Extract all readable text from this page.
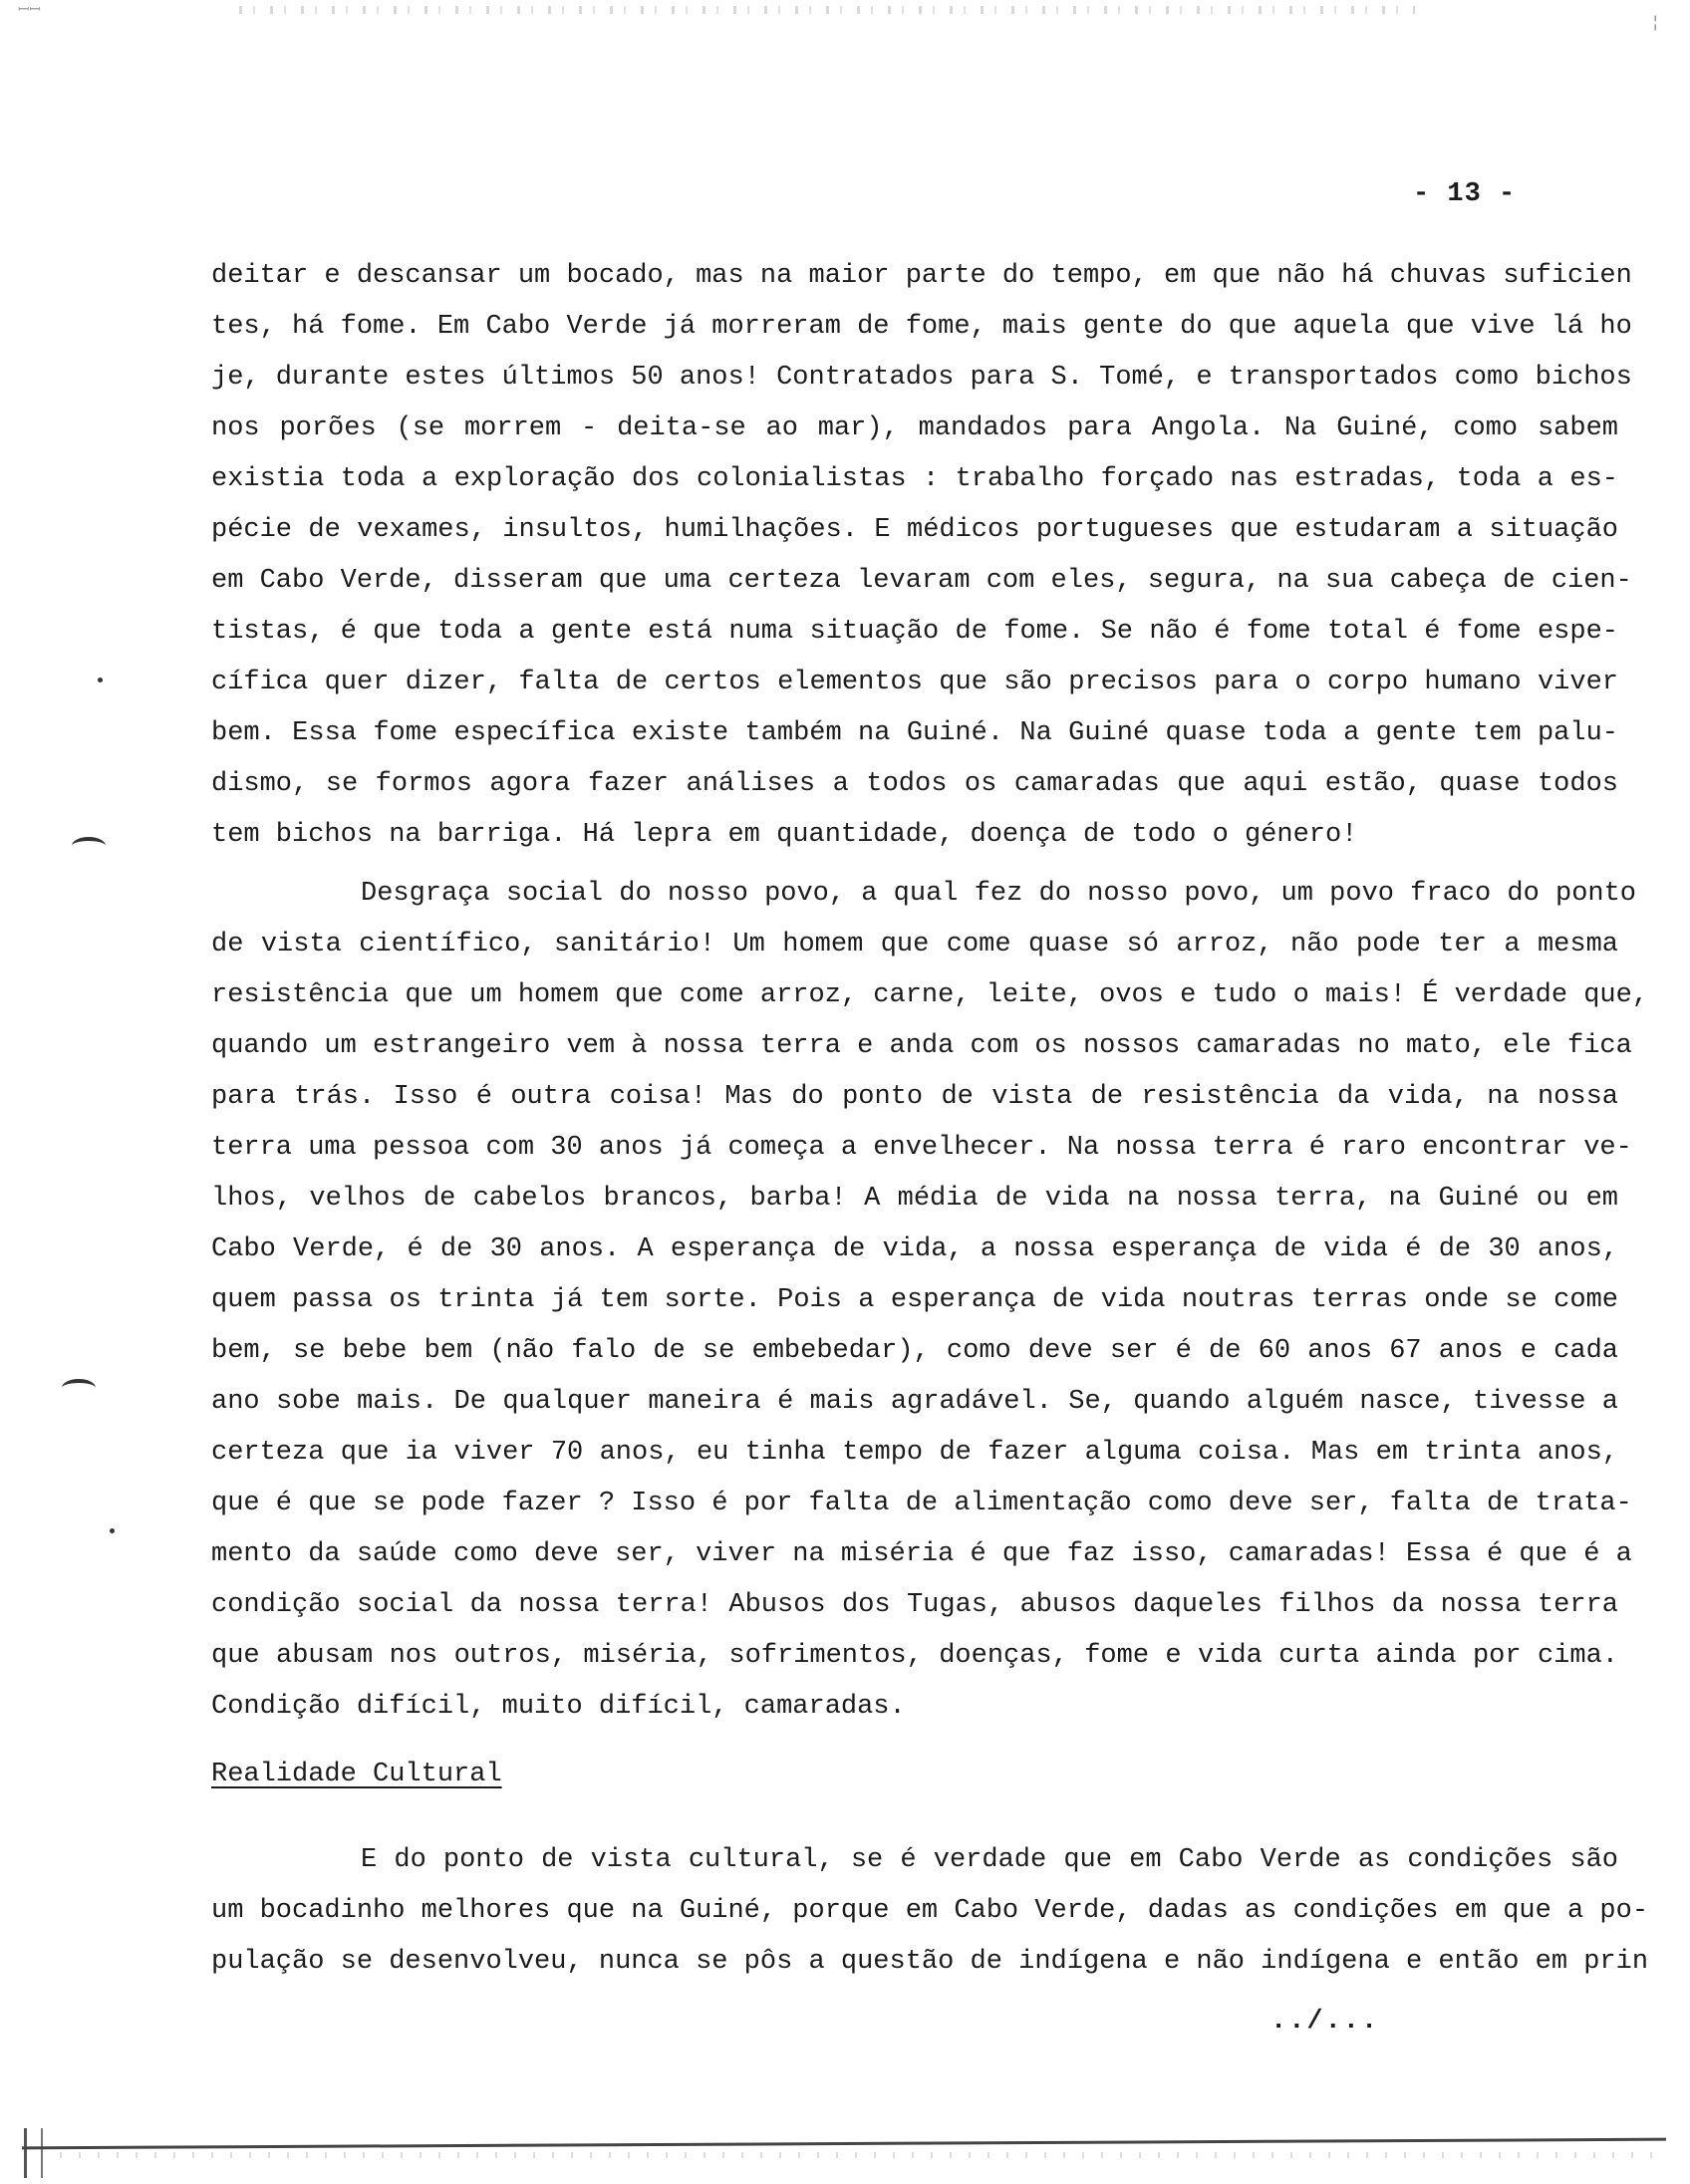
ꟷꟷ
¦
- 13 -
deitar e descansar um bocado, mas na maior parte do tempo, em que não há chuvas suficien
tes, há fome. Em Cabo Verde já morreram de fome, mais gente do que aquela que vive lá ho
je, durante estes últimos 50 anos! Contratados para S. Tomé, e transportados como bichos
nos porões (se morrem - deita-se ao mar), mandados para Angola. Na Guiné, como sabem
existia toda a exploração dos colonialistas : trabalho forçado nas estradas, toda a es-
pécie de vexames, insultos, humilhações. E médicos portugueses que estudaram a situação
em Cabo Verde, disseram que uma certeza levaram com eles, segura, na sua cabeça de cien-
tistas, é que toda a gente está numa situação de fome. Se não é fome total é fome espe-
cífica quer dizer, falta de certos elementos que são precisos para o corpo humano viver
bem. Essa fome específica existe também na Guiné. Na Guiné quase toda a gente tem palu-
dismo, se formos agora fazer análises a todos os camaradas que aqui estão, quase todos
tem bichos na barriga. Há lepra em quantidade, doença de todo o género!
Desgraça social do nosso povo, a qual fez do nosso povo, um povo fraco do ponto
de vista científico, sanitário! Um homem que come quase só arroz, não pode ter a mesma
resistência que um homem que come arroz, carne, leite, ovos e tudo o mais! É verdade que,
quando um estrangeiro vem à nossa terra e anda com os nossos camaradas no mato, ele fica
para trás. Isso é outra coisa! Mas do ponto de vista de resistência da vida, na nossa
terra uma pessoa com 30 anos já começa a envelhecer. Na nossa terra é raro encontrar ve-
lhos, velhos de cabelos brancos, barba! A média de vida na nossa terra, na Guiné ou em
Cabo Verde, é de 30 anos. A esperança de vida, a nossa esperança de vida é de 30 anos,
quem passa os trinta já tem sorte. Pois a esperança de vida noutras terras onde se come
bem, se bebe bem (não falo de se embebedar), como deve ser é de 60 anos 67 anos e cada
ano sobe mais. De qualquer maneira é mais agradável. Se, quando alguém nasce, tivesse a
certeza que ia viver 70 anos, eu tinha tempo de fazer alguma coisa. Mas em trinta anos,
que é que se pode fazer ? Isso é por falta de alimentação como deve ser, falta de trata-
mento da saúde como deve ser, viver na miséria é que faz isso, camaradas! Essa é que é a
condição social da nossa terra! Abusos dos Tugas, abusos daqueles filhos da nossa terra
que abusam nos outros, miséria, sofrimentos, doenças, fome e vida curta ainda por cima.
Condição difícil, muito difícil, camaradas.
Realidade Cultural
E do ponto de vista cultural, se é verdade que em Cabo Verde as condições são
um bocadinho melhores que na Guiné, porque em Cabo Verde, dadas as condições em que a po-
pulação se desenvolveu, nunca se pôs a questão de indígena e não indígena e então em prin
../...
